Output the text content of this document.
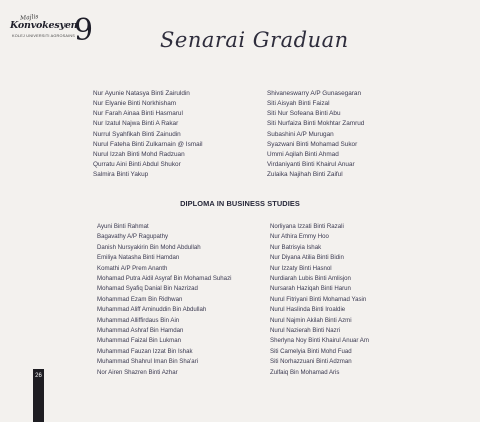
Majlis
Konvokesyen
KOLEJ UNIVERSITI AGROSAINS
9	Senarai Graduan
Nur Ayunie Natasya Binti Zairuldin
Nur Elyanie Binti Norkhisham
Nur Farah Ainaa Binti Hasmarul
Nur Izatul Najwa Binti A Rakar
Nurrul Syahfikah Binti Zainudin
Nurul Fateha Binti Zulkarnain @ Ismail
Nurul Izzah Binti Mohd Radzuan
Qurratu Aini Binti Abdul Shukor
Salmira Binti Yakup
Shivaneswarry A/P Gunasegaran
Siti Aisyah Binti Faizal
Siti Nur Sofeana Binti Abu
Siti Nurfaiza Binti Mokhtar Zamrud
Subashini A/P Murugan
Syazwani Binti Mohamad Sukor
Ummi Aqilah Binti Ahmad
Virdaniyanti Binti Khairul Anuar
Zulaika Najihah Binti Zaiful
DIPLOMA IN BUSINESS STUDIES
Ayuni Binti Rahmat
Bagavathy A/P Ragupathy
Danish Nursyakirin Bin Mohd Abdullah
Emiliya Natasha Binti Hamdan
Komathi A/P Prem Ananth
Mohamad Putra Aidil Asyraf Bin Mohamad Suhazi
Mohamad Syafiq Danial Bin Nazrizad
Mohammad Ezam Bin Ridhwan
Muhammad Aliff Aminuddin Bin Abdullah
Muhammad Alliffirdaus Bin Ain
Muhammad Ashraf Bin Hamdan
Muhammad Faizal Bin Lukman
Muhammad Fauzan Izzat Bin Ishak
Muhammad Shahrul Iman Bin Sha'ari
Nor Airen Shazren Binti Azhar
Norliyana Izzati Binti Razali
Nur Athira Emmy Hoo
Nur Batrisyia Ishak
Nur Diyana Atilia Binti Bidin
Nur Izzaty Binti Hasnol
Nurdiarah Lubis Binti Amlisjon
Nursarah Haziqah Binti Harun
Nurul Fitriyani Binti Mohamad Yasin
Nurul Haslinda Binti Iroaldie
Nurul Najmin Akilah Binti Azmi
Nurul Nazierah Binti Nazri
Sherlyna Noy Binti Khairul Anuar Am
Siti Camelyia Binti Mohd Fuad
Siti Norhazzuani Binti Adzman
Zulfaiq Bin Mohamad Aris
26
